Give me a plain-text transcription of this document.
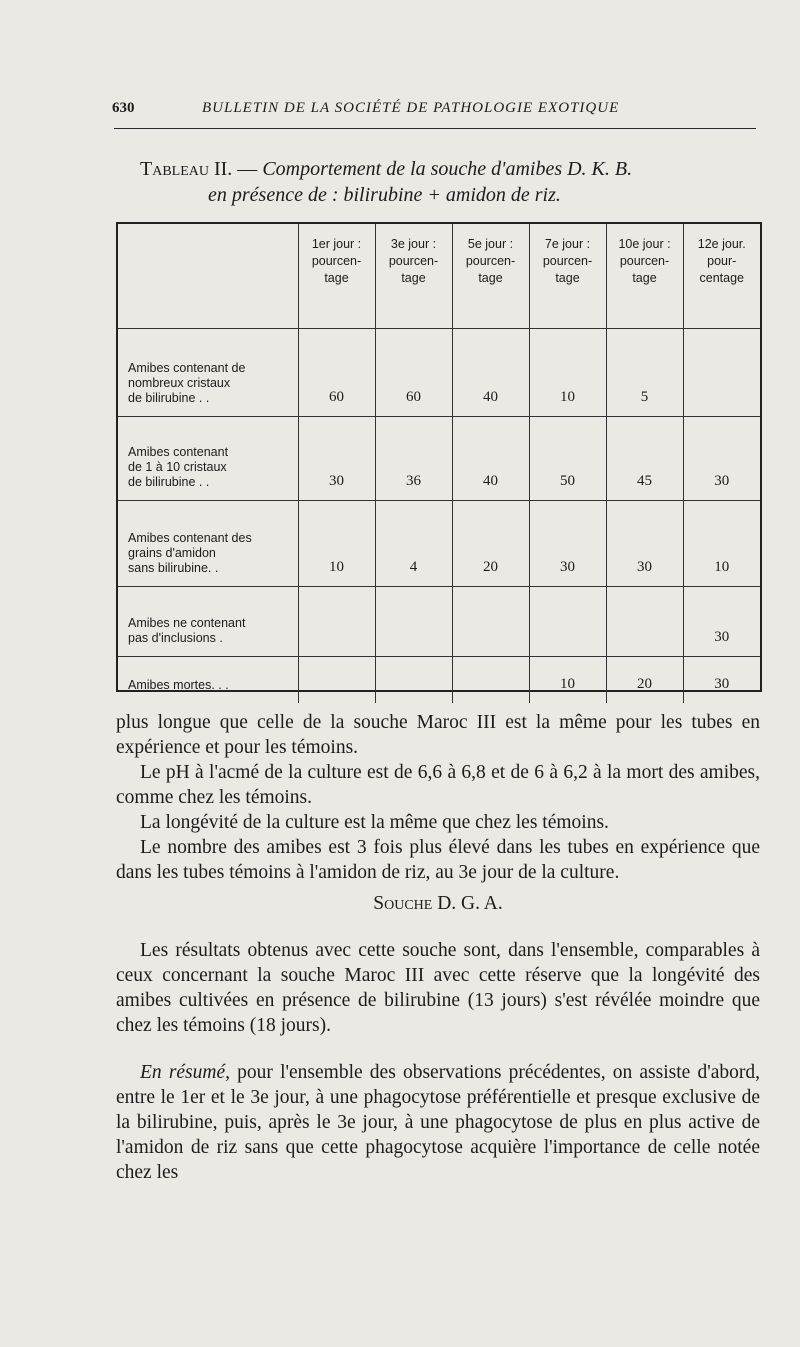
630	BULLETIN DE LA SOCIÉTÉ DE PATHOLOGIE EXOTIQUE
Tableau II. — Comportement de la souche d'amibes D. K. B.
en présence de : bilirubine + amidon de riz.

	1er jour :
pourcen-
tage	3e jour :
pourcen-
tage	5e jour :
pourcen-
tage	7e jour :
pourcen-
tage	10e jour :
pourcen-
tage	12e jour.
pour-
centage

Amibes contenant de
nombreux cristaux
de bilirubine . .	60	60	40	10	5	

Amibes contenant
de 1 à 10 cristaux
de bilirubine . .	30	36	40	50	45	30

Amibes contenant des
grains d'amidon
sans bilirubine. .	10	4	20	30	30	10

Amibes ne contenant
pas d'inclusions .						30

Amibes mortes. . .				10	20	30

plus longue que celle de la souche Maroc III est la même pour les tubes en expérience et pour les témoins.

Le pH à l'acmé de la culture est de 6,6 à 6,8 et de 6 à 6,2 à la mort des amibes, comme chez les témoins.

La longévité de la culture est la même que chez les témoins.

Le nombre des amibes est 3 fois plus élevé dans les tubes en expérience que dans les tubes témoins à l'amidon de riz, au 3e jour de la culture.

Souche D. G. A.

Les résultats obtenus avec cette souche sont, dans l'ensemble, comparables à ceux concernant la souche Maroc III avec cette réserve que la longévité des amibes cultivées en présence de bilirubine (13 jours) s'est révélée moindre que chez les témoins (18 jours).

En résumé, pour l'ensemble des observations précédentes, on assiste d'abord, entre le 1er et le 3e jour, à une phagocytose préférentielle et presque exclusive de la bilirubine, puis, après le 3e jour, à une phagocytose de plus en plus active de l'amidon de riz sans que cette phagocytose acquière l'importance de celle notée chez les
